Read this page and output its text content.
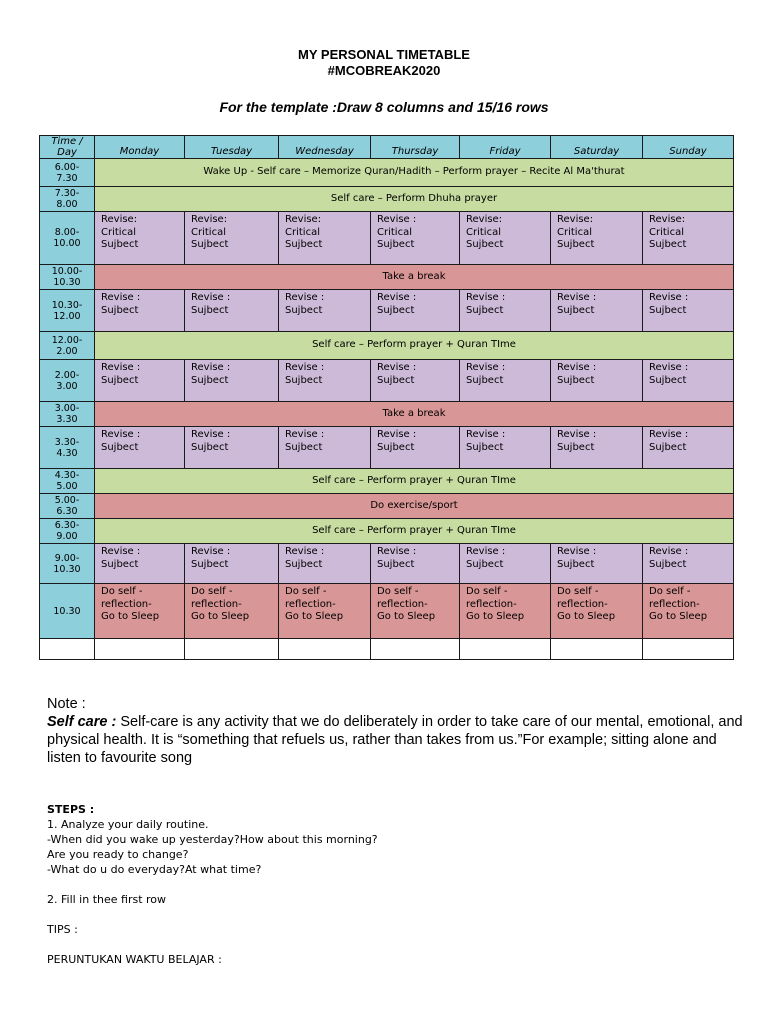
MY PERSONAL TIMETABLE
#MCOBREAK2020
For the template :Draw 8 columns and 15/16 rows
Time / Day	Monday	Tuesday	Wednesday	Thursday	Friday	Saturday	Sunday
6.00-
7.30	Wake Up - Self care – Memorize Quran/Hadith – Perform prayer – Recite Al Ma'thurat						
7.30-
8.00	Self care – Perform Dhuha prayer						
8.00-
10.00	Revise:
Critical
Sujbect	Revise:
Critical
Sujbect	Revise:
Critical
Sujbect	Revise :
Critical
Sujbect	Revise:
Critical
Sujbect	Revise:
Critical
Sujbect	Revise:
Critical
Sujbect
10.00-
10.30	Take a break						
10.30-
12.00	Revise :
Sujbect	Revise :
Sujbect	Revise :
Sujbect	Revise :
Sujbect	Revise :
Sujbect	Revise :
Sujbect	Revise :
Sujbect
12.00-
2.00	Self care – Perform prayer + Quran TIme						
2.00-
3.00	Revise :
Sujbect	Revise :
Sujbect	Revise :
Sujbect	Revise :
Sujbect	Revise :
Sujbect	Revise :
Sujbect	Revise :
Sujbect
3.00-
3.30	Take a break						
3.30-
4.30	Revise :
Sujbect	Revise :
Sujbect	Revise :
Sujbect	Revise :
Sujbect	Revise :
Sujbect	Revise :
Sujbect	Revise :
Sujbect
4.30-
5.00	Self care – Perform prayer + Quran TIme						
5.00-
6.30	Do exercise/sport						
6.30-
9.00	Self care – Perform prayer + Quran TIme						
9.00-
10.30	Revise :
Sujbect	Revise :
Sujbect	Revise :
Sujbect	Revise :
Sujbect	Revise :
Sujbect	Revise :
Sujbect	Revise :
Sujbect
10.30	Do self -
reflection-
Go to Sleep	Do self -
reflection-
Go to Sleep	Do self -
reflection-
Go to Sleep	Do self -
reflection-
Go to Sleep	Do self -
reflection-
Go to Sleep	Do self -
reflection-
Go to Sleep	Do self -
reflection-
Go to Sleep

Note :
Self care : Self-care is any activity that we do deliberately in order to take care of our mental, emotional, and physical health. It is “something that refuels us, rather than takes from us.”For example; sitting alone and listen to favourite song
STEPS :
1. Analyze your daily routine.
-When did you wake up yesterday?How about this morning?
Are you ready to change?
-What do u do everyday?At what time?
2. Fill in thee first row
TIPS :
PERUNTUKAN WAKTU BELAJAR :
